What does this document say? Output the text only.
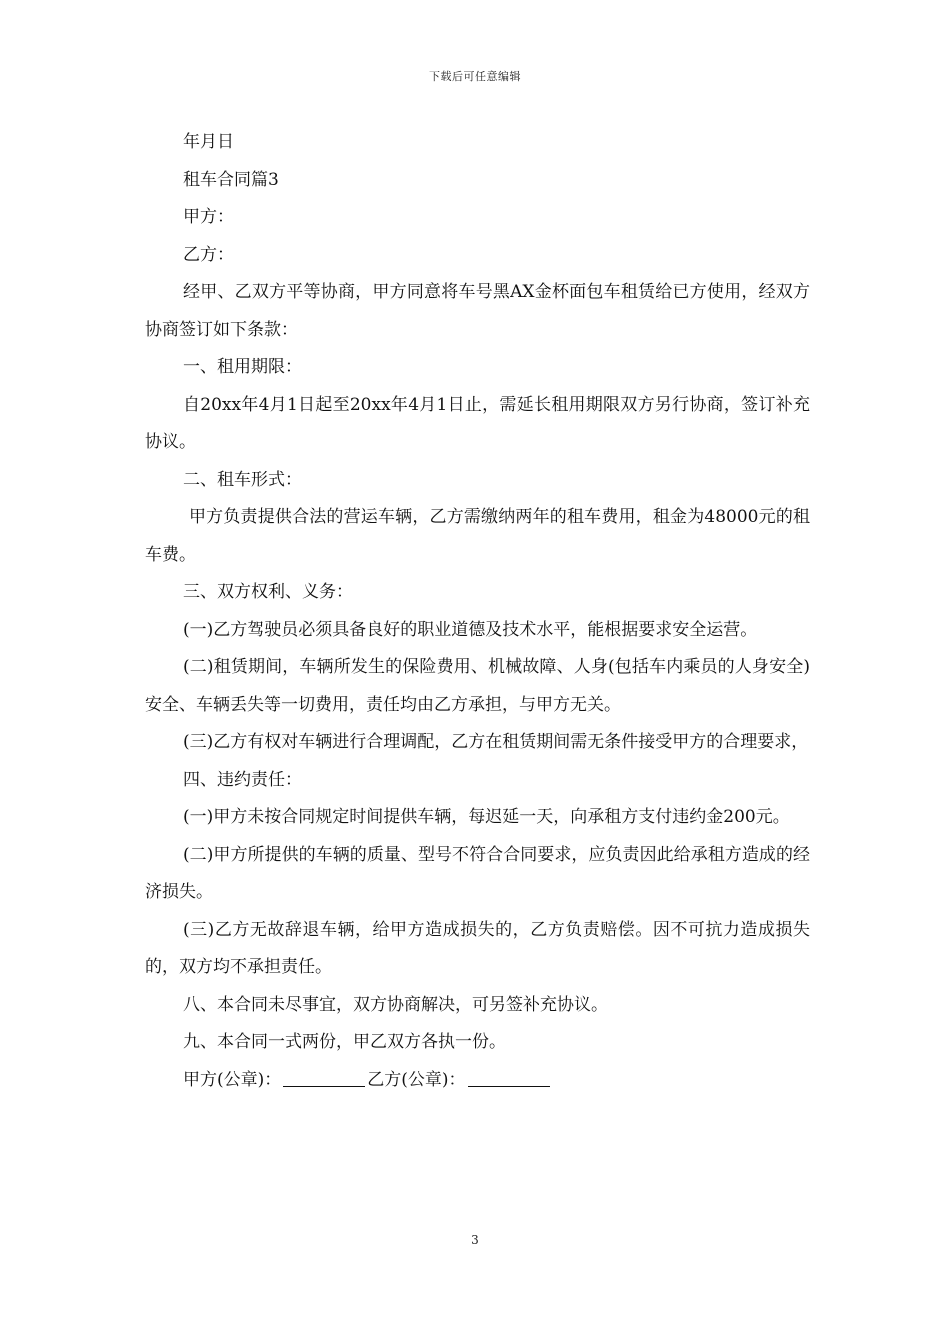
下载后可任意编辑

年月日

租车合同篇3

甲方：

乙方：

经甲、乙双方平等协商，甲方同意将车号黑AX金杯面包车租赁给已方使用，经双方协商签订如下条款：

一、租用期限：

自20xx年4月1日起至20xx年4月1日止，需延长租用期限双方另行协商，签订补充协议。

二、租车形式：

甲方负责提供合法的营运车辆，乙方需缴纳两年的租车费用，租金为48000元的租车费。

三、双方权利、义务：

(一)乙方驾驶员必须具备良好的职业道德及技术水平，能根据要求安全运营。

(二)租赁期间，车辆所发生的保险费用、机械故障、人身(包括车内乘员的人身安全)安全、车辆丢失等一切费用，责任均由乙方承担，与甲方无关。

(三)乙方有权对车辆进行合理调配，乙方在租赁期间需无条件接受甲方的合理要求，

四、违约责任：

(一)甲方未按合同规定时间提供车辆，每迟延一天，向承租方支付违约金200元。

(二)甲方所提供的车辆的质量、型号不符合合同要求，应负责因此给承租方造成的经济损失。

(三)乙方无故辞退车辆，给甲方造成损失的，乙方负责赔偿。因不可抗力造成损失的，双方均不承担责任。

八、本合同未尽事宜，双方协商解决，可另签补充协议。

九、本合同一式两份，甲乙双方各执一份。

甲方(公章)：	乙方(公章)：

3
